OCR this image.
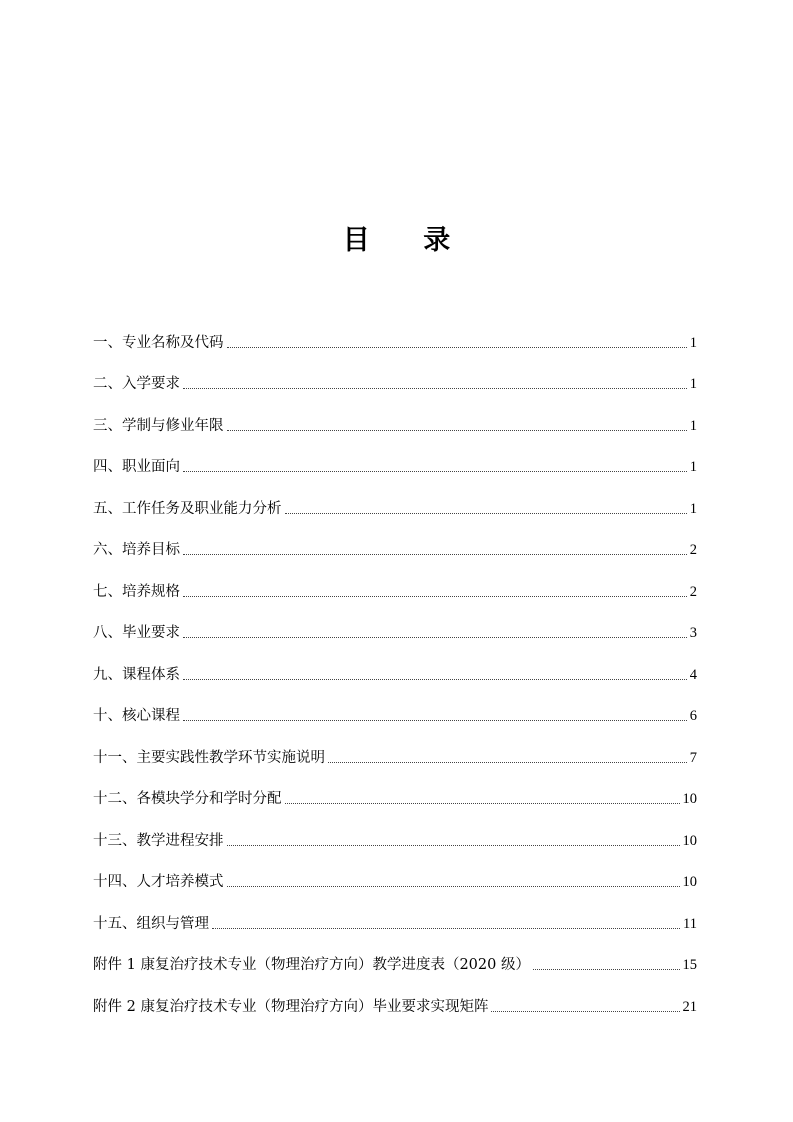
目 录
一、专业名称及代码	1
二、入学要求	1
三、学制与修业年限	1
四、职业面向	1
五、工作任务及职业能力分析	1
六、培养目标	2
七、培养规格	2
八、毕业要求	3
九、课程体系	4
十、核心课程	6
十一、主要实践性教学环节实施说明	7
十二、各模块学分和学时分配	10
十三、教学进程安排	10
十四、人才培养模式	10
十五、组织与管理	11
附件 1 康复治疗技术专业（物理治疗方向）教学进度表（2020 级）	15
附件 2 康复治疗技术专业（物理治疗方向）毕业要求实现矩阵	21
